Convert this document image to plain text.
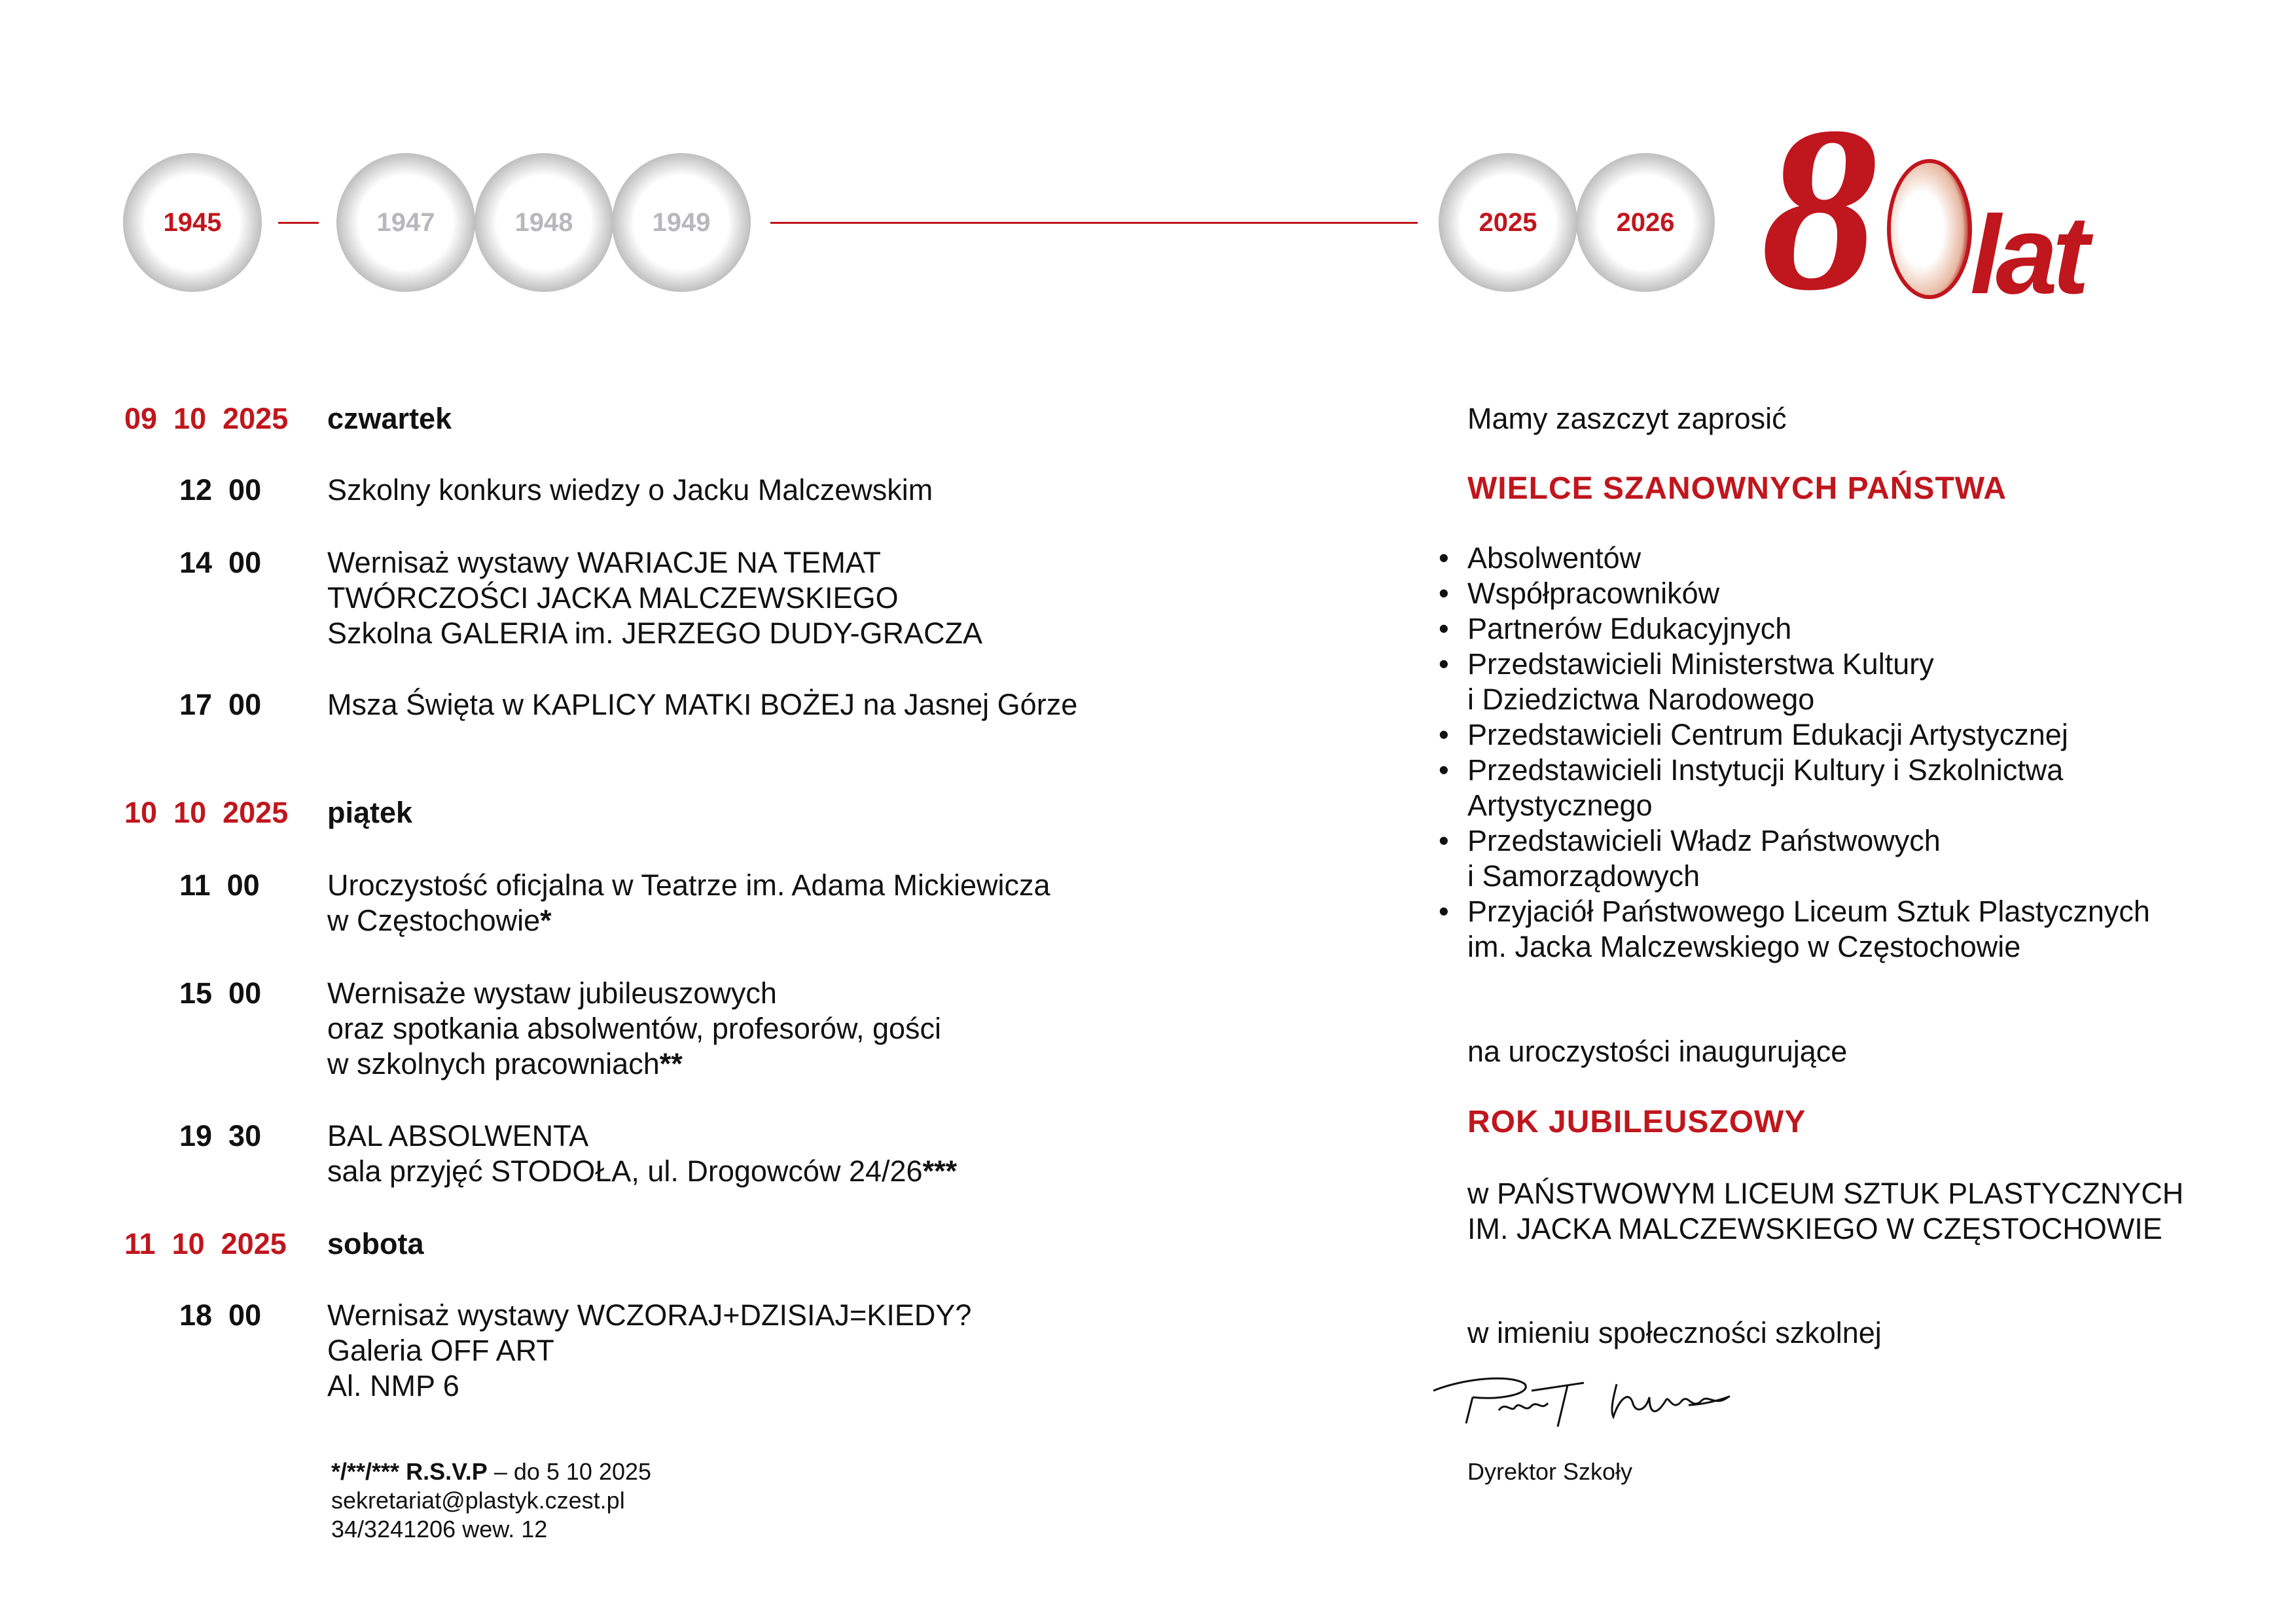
1945	1947	1948	1949	2025	2026 8 lat
09  10  2025 czwartek
12  00 Szkolny konkurs wiedzy o Jacku Malczewskim
14  00 Wernisaż wystawy WARIACJE NA TEMAT
TWÓRCZOŚCI JACKA MALCZEWSKIEGO
Szkolna GALERIA im. JERZEGO DUDY-GRACZA
17  00 Msza Święta w KAPLICY MATKI BOŻEJ na Jasnej Górze
10  10  2025 piątek
11  00 Uroczystość oficjalna w Teatrze im. Adama Mickiewicza
w Częstochowie*
15  00 Wernisaże wystaw jubileuszowych
oraz spotkania absolwentów, profesorów, gości
w szkolnych pracowniach**
19  30 BAL ABSOLWENTA
sala przyjęć STODOŁA, ul. Drogowców 24/26***
11  10  2025 sobota
18  00 Wernisaż wystawy WCZORAJ+DZISIAJ=KIEDY?
Galeria OFF ART
Al. NMP 6
*/**/*** R.S.V.P – do 5 10 2025
sekretariat@plastyk.czest.pl
34/3241206 wew. 12
Mamy zaszczyt zaprosić
WIELCE SZANOWNYCH PAŃSTWA
• Absolwentów
• Współpracowników
• Partnerów Edukacyjnych
• Przedstawicieli Ministerstwa Kultury
i Dziedzictwa Narodowego
• Przedstawicieli Centrum Edukacji Artystycznej
• Przedstawicieli Instytucji Kultury i Szkolnictwa
Artystycznego
• Przedstawicieli Władz Państwowych
i Samorządowych
• Przyjaciół Państwowego Liceum Sztuk Plastycznych
im. Jacka Malczewskiego w Częstochowie
na uroczystości inaugurujące
ROK JUBILEUSZOWY
w PAŃSTWOWYM LICEUM SZTUK PLASTYCZNYCH
IM. JACKA MALCZEWSKIEGO W CZĘSTOCHOWIE
w imieniu społeczności szkolnej
Dyrektor Szkoły
